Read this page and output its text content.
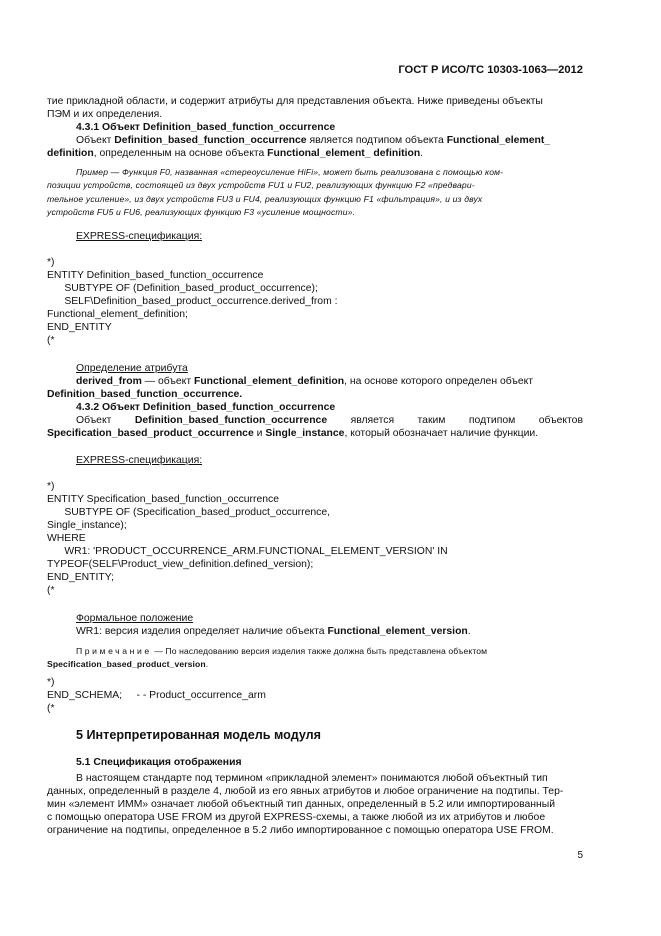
ГОСТ Р ИСО/ТС 10303-1063—2012
тие прикладной области, и содержит атрибуты для представления объекта. Ниже приведены объекты
ПЭМ и их определения.
4.3.1 Объект Definition_based_function_occurrence
Объект Definition_based_function_occurrence является подтипом объекта Functional_element_
definition, определенным на основе объекта Functional_element_ definition.
Пример — Функция F0, названная «стереоусиление HiFi», может быть реализована с помощью ком-
позиции устройств, состоящей из двух устройств FU1 и FU2, реализующих функцию F2 «предвари-
тельное усиление», из двух устройств FU3 и FU4, реализующих функцию F1 «фильтрация», и из двух
устройств FU5 и FU6, реализующих функцию F3 «усиление мощности».
EXPRESS-спецификация:
*)
ENTITY Definition_based_function_occurrence
SUBTYPE OF (Definition_based_product_occurrence);
SELF\Definition_based_product_occurrence.derived_from :
Functional_element_definition;
END_ENTITY
(*
Определение атрибута
derived_from — объект Functional_element_definition, на основе которого определен объект
Definition_based_function_occurrence.
4.3.2 Объект Definition_based_function_occurrence
Объект Definition_based_function_occurrence является таким подтипом объектов
Specification_based_product_occurrence и Single_instance, который обозначает наличие функции.
EXPRESS-спецификация:
*)
ENTITY Specification_based_function_occurrence
SUBTYPE OF (Specification_based_product_occurrence,
Single_instance);
WHERE
WR1: 'PRODUCT_OCCURRENCE_ARM.FUNCTIONAL_ELEMENT_VERSION' IN
TYPEOF(SELF\Product_view_definition.defined_version);
END_ENTITY;
(*
Формальное положение
WR1: версия изделия определяет наличие объекта Functional_element_version.
Примечание — По наследованию версия изделия также должна быть представлена объектом
Specification_based_product_version.
*)
END_SCHEMA;     - - Product_occurrence_arm
(*
5 Интерпретированная модель модуля
5.1 Спецификация отображения
В настоящем стандарте под термином «прикладной элемент» понимаются любой объектный тип
данных, определенный в разделе 4, любой из его явных атрибутов и любое ограничение на подтипы. Тер-
мин «элемент ИММ» означает любой объектный тип данных, определенный в 5.2 или импортированный
с помощью оператора USE FROM из другой EXPRESS-схемы, а также любой из их атрибутов и любое
ограничение на подтипы, определенное в 5.2 либо импортированное с помощью оператора USE FROM.
5
